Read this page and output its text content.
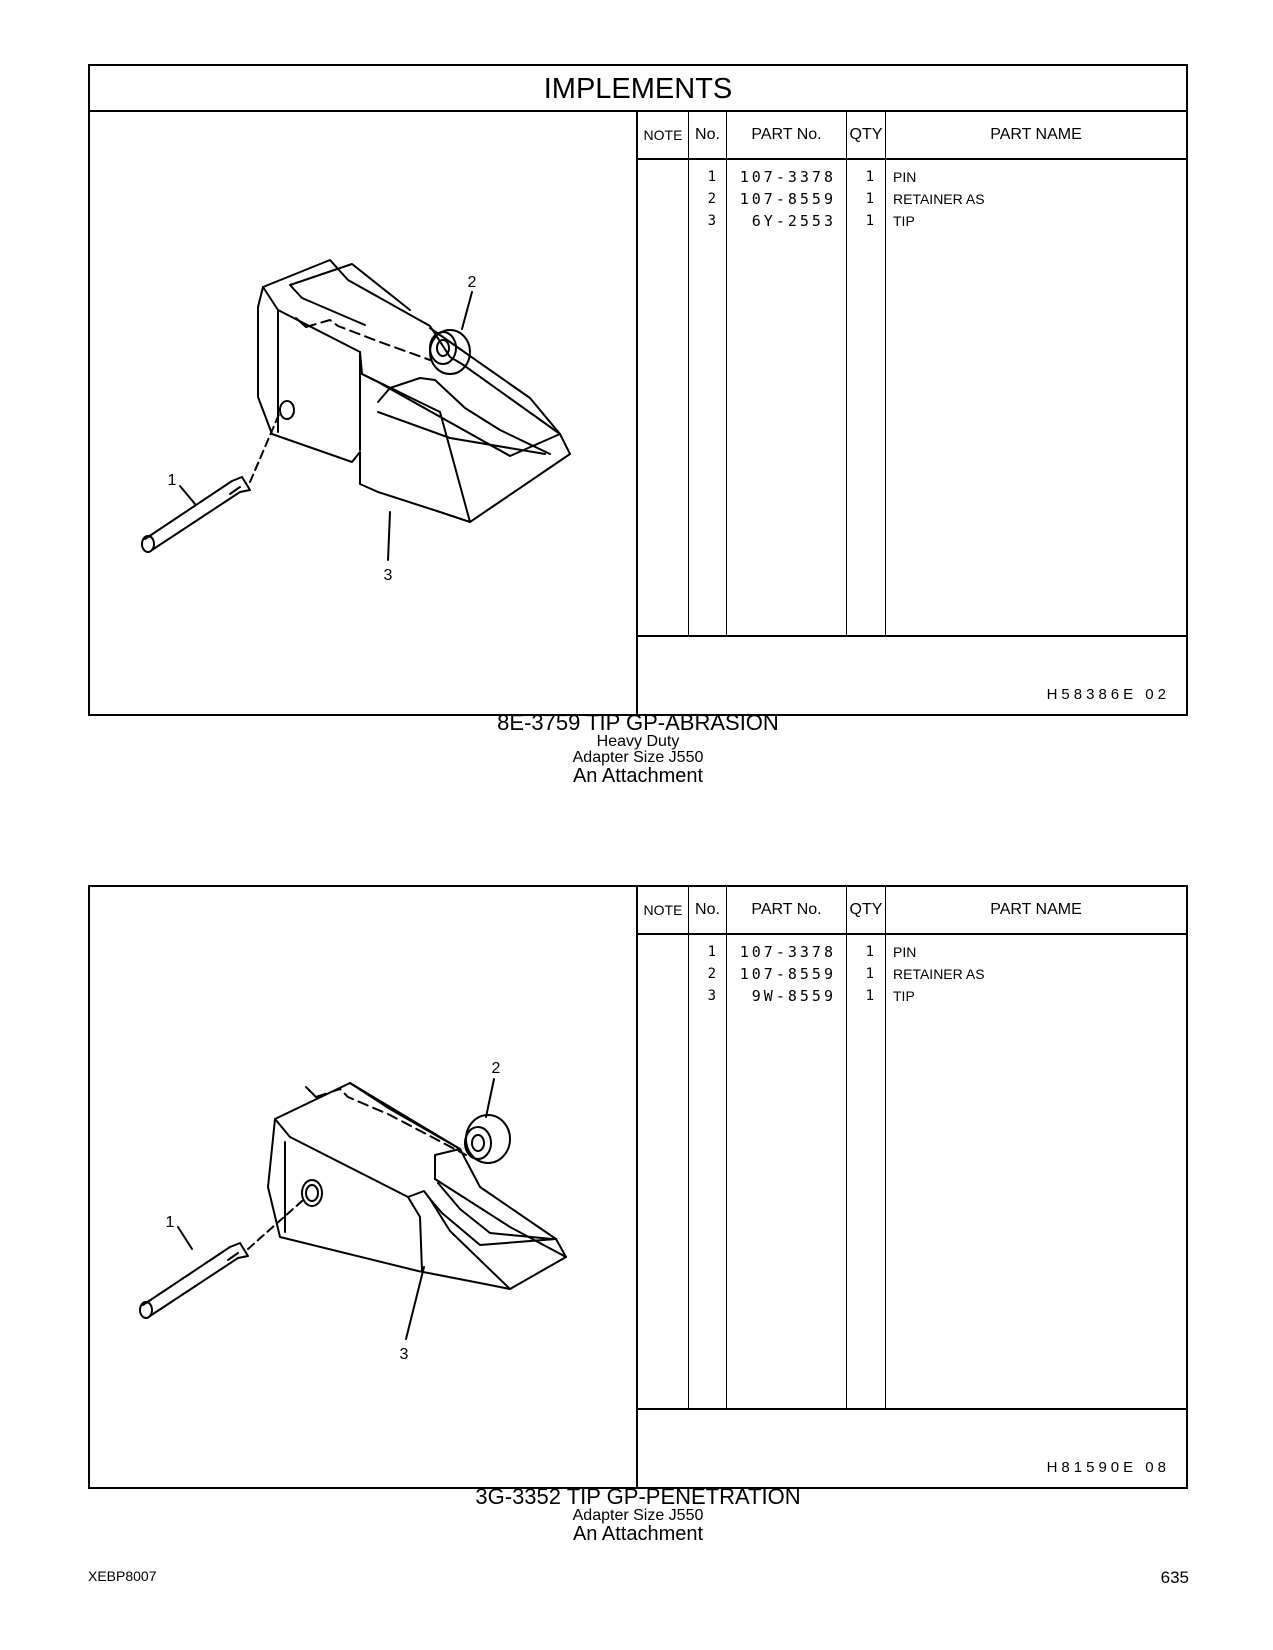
IMPLEMENTS
2
1
3
NOTE No.	PART No.	QTY	PART NAME
1	107-3378	1 PIN
2	107-8559	1 RETAINER AS
3	6Y-2553	1 TIP
H58386E 02
8E-3759 TIP GP-ABRASION
Heavy Duty
Adapter Size J550
An Attachment
2
1
3
NOTE No.	PART No.	QTY	PART NAME
1	107-3378	1 PIN
2	107-8559	1 RETAINER AS
3	9W-8559	1 TIP
H81590E 08
3G-3352 TIP GP-PENETRATION
Adapter Size J550
An Attachment
XEBP8007	635
